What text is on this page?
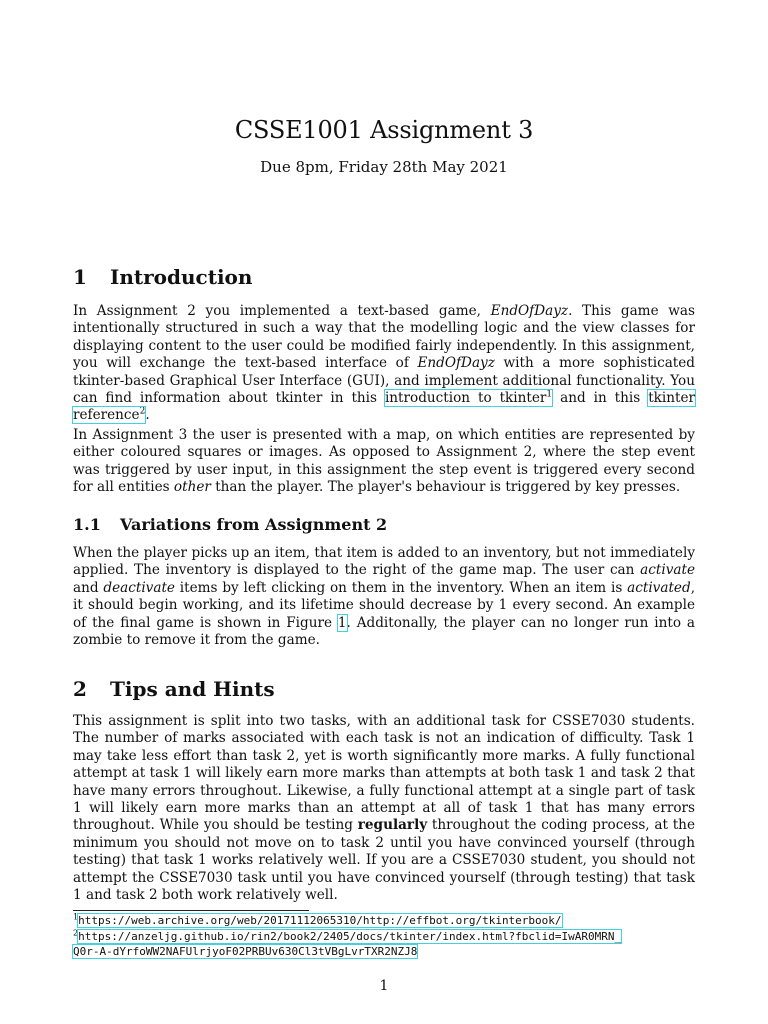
CSSE1001 Assignment 3

Due 8pm, Friday 28th May 2021

1 Introduction

In Assignment 2 you implemented a text-based game, EndOfDayz. This game was intentionally structured in such a way that the modelling logic and the view classes for displaying content to the user could be modified fairly independently. In this assignment, you will exchange the text-based interface of EndOfDayz with a more sophisticated tkinter-based Graphical User Interface (GUI), and implement additional functionality. You can find information about tkinter in this introduction to tkinter$^1$ and in this tkinter reference$^2$.

In Assignment 3 the user is presented with a map, on which entities are represented by either coloured squares or images. As opposed to Assignment 2, where the step event was triggered by user input, in this assignment the step event is triggered every second for all entities other than the player. The player's behaviour is triggered by key presses.

1.1 Variations from Assignment 2

When the player picks up an item, that item is added to an inventory, but not immediately applied. The inventory is displayed to the right of the game map. The user can activate and deactivate items by left clicking on them in the inventory. When an item is activated, it should begin working, and its lifetime should decrease by 1 every second. An example of the final game is shown in Figure 1. Additonally, the player can no longer run into a zombie to remove it from the game.

2 Tips and Hints

This assignment is split into two tasks, with an additional task for CSSE7030 students. The number of marks associated with each task is not an indication of difficulty. Task 1 may take less effort than task 2, yet is worth significantly more marks. A fully functional attempt at task 1 will likely earn more marks than attempts at both task 1 and task 2 that have many errors throughout. Likewise, a fully functional attempt at a single part of task 1 will likely earn more marks than an attempt at all of task 1 that has many errors throughout. While you should be testing regularly throughout the coding process, at the minimum you should not move on to task 2 until you have convinced yourself (through testing) that task 1 works relatively well. If you are a CSSE7030 student, you should not attempt the CSSE7030 task until you have convinced yourself (through testing) that task 1 and task 2 both work relatively well.

$^1$https://web.archive.org/web/20171112065310/http://effbot.org/tkinterbook/

$^2$https://anzeljg.github.io/rin2/book2/2405/docs/tkinter/index.html?fbclid=IwAR0MRN_

Q0r-A-dYrfoWW2NAFUlrjyoF02PRBUv630Cl3tVBgLvrTXR2NZJ8

1
